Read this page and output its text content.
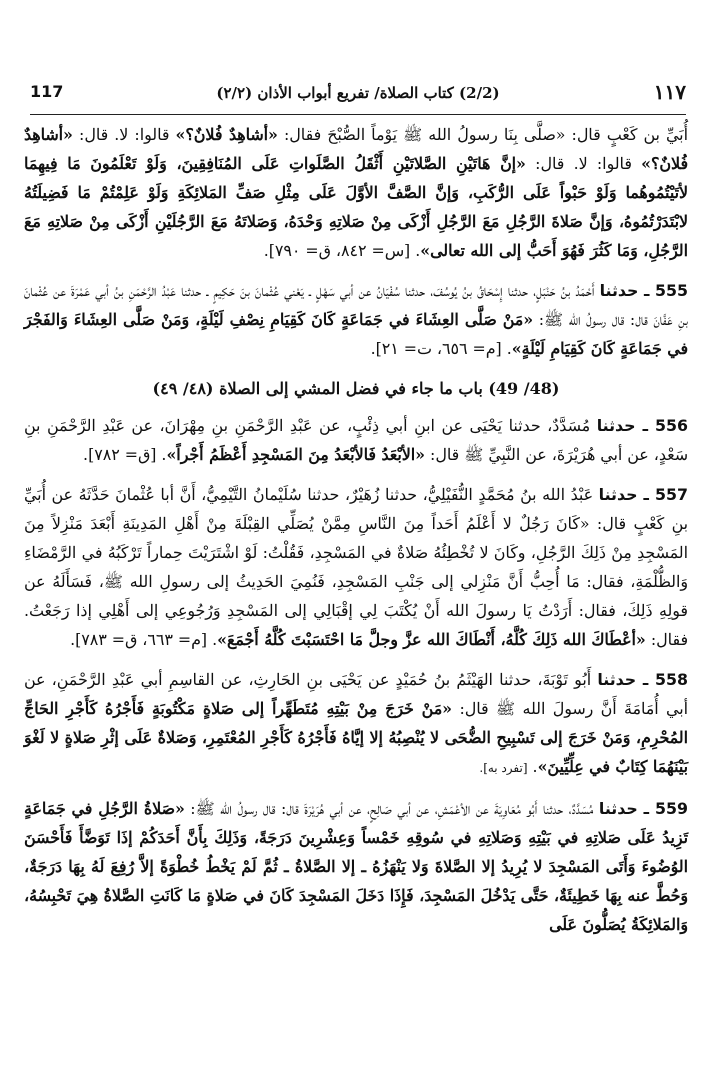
١١٧
(2/2) كتاب الصلاة/ تفريع أبواب الأذان (٢/٢)
117

أُبَيِّ بن كَعْبٍ قال: «صلَّى بِنَا رسولُ الله ﷺ يَوْماً الصُّبْحَ فقال: «أشاهِدٌ فُلانٌ؟» قالوا: لا. قال: «أشاهِدٌ فُلانٌ؟» قالوا: لا. قال: «إنَّ هَاتَيْنِ الصَّلاتَيْنِ أَثْقَلُ الصَّلَواتِ عَلَى المُنَافِقِينَ، وَلَوْ تَعْلَمُونَ مَا فِيهِمَا لأتَيْتُمُوهُما وَلَوْ حَبْواً عَلَى الرُّكَبِ، وَإنَّ الصَّفَّ الأوَّلَ عَلَى مِثْلِ صَفِّ المَلائِكَةِ وَلَوْ عَلِمْتُمْ مَا فَضِيلَتُهُ لابْتَدَرْتُمُوهُ، وَإنَّ صَلاةَ الرَّجُلِ مَعَ الرَّجُلِ أَزْكَى مِنْ صَلاتِهِ وَحْدَهُ، وَصَلاتَهُ مَعَ الرَّجُلَيْنِ أَزْكَى مِنْ صَلاتِهِ مَعَ الرَّجُلِ، وَمَا كَثُرَ فَهُوَ أَحَبُّ إلى الله تعالى». [س= ٨٤٢، ق= ٧٩٠].

555 ـ حدثنا أَحْمَدُ بنُ حَنْبَلٍ، حدثنا إِسْحَاقُ بنُ يُوسُفَ، حدثنا سُفْيَانُ عن أبي سَهْلٍ ـ يَعْني عُثْمانَ بنَ حَكِيمٍ ـ حدثنا عَبْدُ الرَّحْمَنِ بنُ أبي عَمْرَةَ عن عُثْمانَ بنِ عَفَّانَ قال: قال رسولُ الله ﷺ: «مَنْ صَلَّى العِشَاءَ في جَمَاعَةٍ كَانَ كَقِيَامِ نِصْفِ لَيْلَةٍ، وَمَنْ صَلَّى العِشَاءَ وَالفَجْرَ في جَمَاعَةٍ كَانَ كَقِيَامِ لَيْلَةٍ». [م= ٦٥٦، ت= ٢١].

(48/ 49) باب ما جاء في فضل المشي إلى الصلاة (٤٨/ ٤٩)

556 ـ حدثنا مُسَدَّدٌ، حدثنا يَحْيَى عن ابنِ أبي ذِئْبٍ، عن عَبْدِ الرَّحْمَنِ بنِ مِهْرَانَ، عن عَبْدِ الرَّحْمَنِ بنِ سَعْدٍ، عن أبي هُرَيْرَةَ، عن النَّبِيِّ ﷺ قال: «الأبْعَدُ فَالأبْعَدُ مِنَ المَسْجِدِ أَعْظَمُ أَجْراً». [ق= ٧٨٢].

557 ـ حدثنا عَبْدُ الله بنُ مُحَمَّدٍ النُّفَيْلِيُّ، حدثنا زُهَيْرٌ، حدثنا سُلَيْمانُ التَّيْمِيُّ، أَنَّ أبا عُثْمانَ حَدَّثَهُ عن أُبَيِّ بنِ كَعْبٍ قال: «كَانَ رَجُلٌ لا أَعْلَمُ أَحَداً مِنَ النَّاسِ مِمَّنْ يُصَلِّي القِبْلَةَ مِنْ أَهْلِ المَدِينَةِ أَبْعَدَ مَنْزِلاً مِنَ المَسْجِدِ مِنْ ذَلِكَ الرَّجُلِ، وكَانَ لا تُخْطِئُهُ صَلاةٌ في المَسْجِدِ، فَقُلْتُ: لَوْ اشْتَرَيْتَ حِماراً تَرْكَبُهُ في الرَّمْضَاءِ وَالظُّلْمَةِ، فقال: مَا أُحِبُّ أَنَّ مَنْزِلي إلى جَنْبِ المَسْجِدِ، فَنُمِيَ الحَدِيثُ إلى رسولِ الله ﷺ، فَسَأَلَهُ عن قولِهِ ذَلِكَ، فقال: أَرَدْتُ يَا رسولَ الله أَنْ يُكْتَبَ لِي إقْبَالِي إلى المَسْجِدِ وَرُجُوعِي إلى أَهْلِي إذا رَجَعْتُ. فقال: «أعْطَاكَ الله ذَلِكَ كُلَّهُ، أَنْطَاكَ الله عزَّ وجلَّ مَا احْتَسَبْتَ كُلَّهُ أَجْمَعَ». [م= ٦٦٣، ق= ٧٨٣].

558 ـ حدثنا أَبُو تَوْبَةَ، حدثنا الهَيْثَمُ بنُ حُمَيْدٍ عن يَحْيَى بنِ الحَارِثِ، عن القاسِمِ أبي عَبْدِ الرَّحْمَنِ، عن أبي أُمَامَةَ أَنَّ رسولَ الله ﷺ قال: «مَنْ خَرَجَ مِنْ بَيْتِهِ مُتَطَهِّراً إلى صَلاةٍ مَكْتُوبَةٍ فَأَجْرُهُ كَأَجْرِ الحَاجِّ المُحْرِمِ، وَمَنْ خَرَجَ إلى تَسْبِيحِ الضُّحَى لا يُنْصِبُهُ إلا إيَّاهُ فَأَجْرُهُ كَأَجْرِ المُعْتَمِرِ، وَصَلاةٌ عَلَى إثْرِ صَلاةٍ لا لَغْوَ بَيْنَهُمَا كِتَابٌ في عِلِّيِّينَ». [تفرد به].

559 ـ حدثنا مُسَدَّدٌ، حدثنا أَبُو مُعَاوِيَةَ عن الأعْمَشِ، عن أبي صَالِحٍ، عن أبي هُرَيْرَةَ قال: قال رسولُ الله ﷺ: «صَلاةُ الرَّجُلِ في جَمَاعَةٍ تَزِيدُ عَلَى صَلاتِهِ في بَيْتِهِ وَصَلاتِهِ في سُوقِهِ خَمْساً وَعِشْرِينَ دَرَجَةً، وَذَلِكَ بِأَنَّ أَحَدَكُمْ إذَا تَوَضَّأَ فَأَحْسَنَ الوُضُوءَ وَأَتَى المَسْجِدَ لا يُرِيدُ إلا الصَّلاةَ وَلا يَنْهَزُهُ ـ إلا الصَّلاةُ ـ ثُمَّ لَمْ يَخْطُ خُطْوَةً إلاَّ رُفِعَ لَهُ بِهَا دَرَجَةٌ، وَحُطَّ عنه بِهَا خَطِيئَةٌ، حَتَّى يَدْخُلَ المَسْجِدَ، فَإِذَا دَخَلَ المَسْجِدَ كَانَ في صَلاةٍ مَا كَانَتِ الصَّلاةُ هِيَ تَحْبِسُهُ، وَالمَلائِكَةُ يُصَلُّونَ عَلَى
